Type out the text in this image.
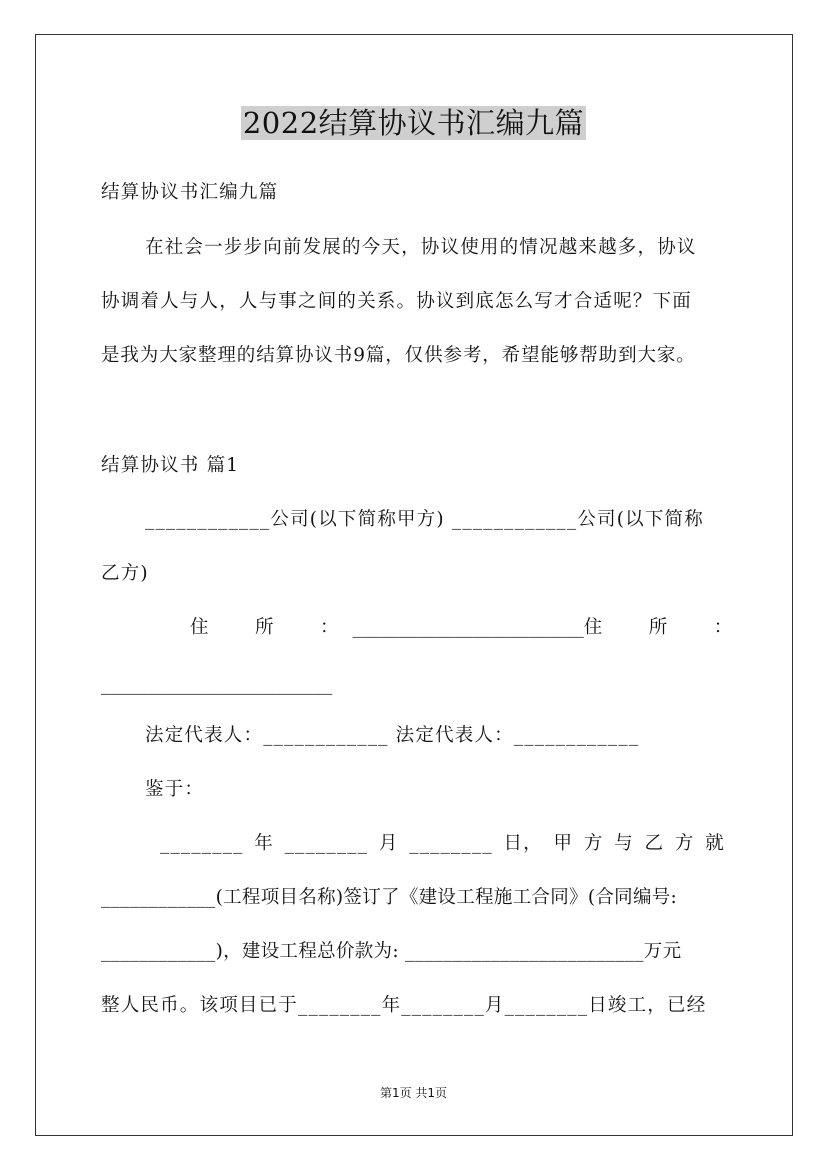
2022结算协议书汇编九篇
结算协议书汇编九篇
在社会一步步向前发展的今天，协议使用的情况越来越多，协议
协调着人与人，人与事之间的关系。协议到底怎么写才合适呢？下面
是我为大家整理的结算协议书9篇，仅供参考，希望能够帮助到大家。
结算协议书 篇1
____________公司(以下简称甲方) ____________公司(以下简称
乙方)
住　所　： _________________________ 住　所　：
_________________________
法定代表人：____________ 法定代表人：____________
鉴于：
________ 年 ________ 月 ________ 日， 甲 方 与 乙 方 就
____________(工程项目名称)签订了《建设工程施工合同》(合同编号:
____________)，建设工程总价款为: _________________________万元
整人民币。该项目已于________年________月________日竣工，已经
第1页 共1页
